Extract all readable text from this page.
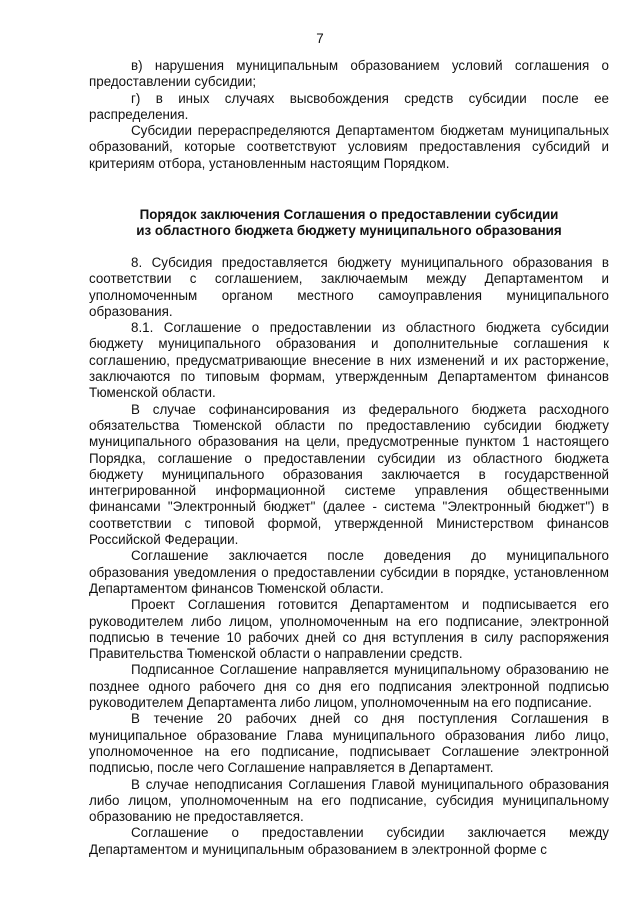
7

в) нарушения муниципальным образованием условий соглашения о предоставлении субсидии;

г) в иных случаях высвобождения средств субсидии после ее распределения.

Субсидии перераспределяются Департаментом бюджетам муниципальных образований, которые соответствуют условиям предоставления субсидий и критериям отбора, установленным настоящим Порядком.

Порядок заключения Соглашения о предоставлении субсидии
из областного бюджета бюджету муниципального образования

8. Субсидия предоставляется бюджету муниципального образования в соответствии с соглашением, заключаемым между Департаментом и уполномоченным органом местного самоуправления муниципального образования.

8.1. Соглашение о предоставлении из областного бюджета субсидии бюджету муниципального образования и дополнительные соглашения к соглашению, предусматривающие внесение в них изменений и их расторжение, заключаются по типовым формам, утвержденным Департаментом финансов Тюменской области.

В случае софинансирования из федерального бюджета расходного обязательства Тюменской области по предоставлению субсидии бюджету муниципального образования на цели, предусмотренные пунктом 1 настоящего Порядка, соглашение о предоставлении субсидии из областного бюджета бюджету муниципального образования заключается в государственной интегрированной информационной системе управления общественными финансами "Электронный бюджет" (далее - система "Электронный бюджет") в соответствии с типовой формой, утвержденной Министерством финансов Российской Федерации.

Соглашение заключается после доведения до муниципального образования уведомления о предоставлении субсидии в порядке, установленном Департаментом финансов Тюменской области.

Проект Соглашения готовится Департаментом и подписывается его руководителем либо лицом, уполномоченным на его подписание, электронной подписью в течение 10 рабочих дней со дня вступления в силу распоряжения Правительства Тюменской области о направлении средств.

Подписанное Соглашение направляется муниципальному образованию не позднее одного рабочего дня со дня его подписания электронной подписью руководителем Департамента либо лицом, уполномоченным на его подписание.

В течение 20 рабочих дней со дня поступления Соглашения в муниципальное образование Глава муниципального образования либо лицо, уполномоченное на его подписание, подписывает Соглашение электронной подписью, после чего Соглашение направляется в Департамент.

В случае неподписания Соглашения Главой муниципального образования либо лицом, уполномоченным на его подписание, субсидия муниципальному образованию не предоставляется.

Соглашение о предоставлении субсидии заключается между Департаментом и муниципальным образованием в электронной форме с
